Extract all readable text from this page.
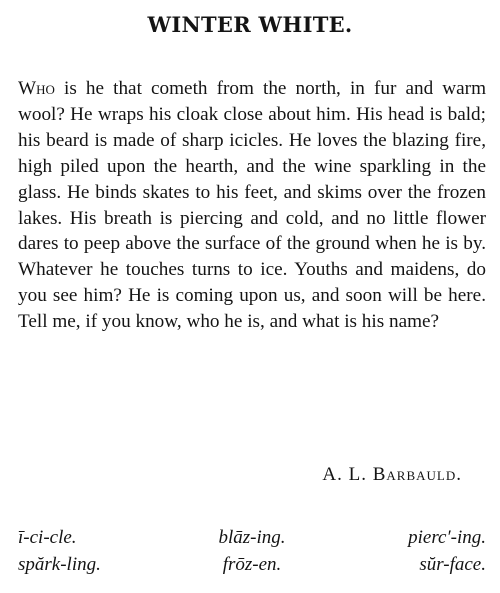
WINTER WHITE.

Who is he that cometh from the north, in fur and warm wool? He wraps his cloak close about him. His head is bald; his beard is made of sharp icicles. He loves the blazing fire, high piled upon the hearth, and the wine sparkling in the glass. He binds skates to his feet, and skims over the frozen lakes. His breath is piercing and cold, and no little flower dares to peep above the surface of the ground when he is by. Whatever he touches turns to ice. Youths and maidens, do you see him? He is coming upon us, and soon will be here. Tell me, if you know, who he is, and what is his name?

A. L. Barbauld.
ī-ci-cle.	blāz-ing.	pierc′-ing.
spărk-ling.	frōz-en.	sŭr-face.
